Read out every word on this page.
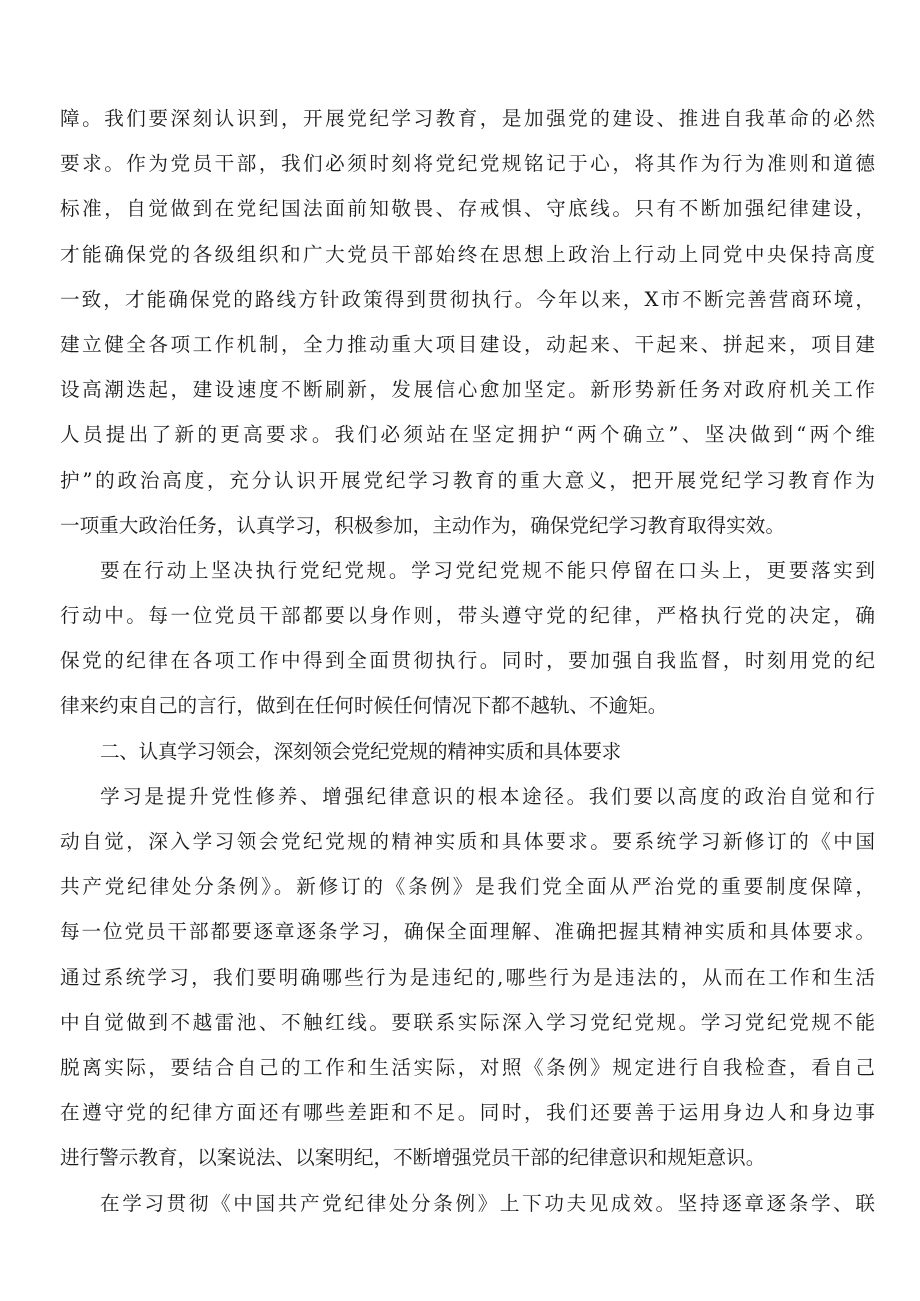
障。我们要深刻认识到，开展党纪学习教育，是加强党的建设、推进自我革命的必然
要求。作为党员干部，我们必须时刻将党纪党规铭记于心，将其作为行为准则和道德
标准，自觉做到在党纪国法面前知敬畏、存戒惧、守底线。只有不断加强纪律建设，
才能确保党的各级组织和广大党员干部始终在思想上政治上行动上同党中央保持高度
一致，才能确保党的路线方针政策得到贯彻执行。今年以来，X市不断完善营商环境，
建立健全各项工作机制，全力推动重大项目建设，动起来、干起来、拼起来，项目建
设高潮迭起，建设速度不断刷新，发展信心愈加坚定。新形势新任务对政府机关工作
人员提出了新的更高要求。我们必须站在坚定拥护“两个确立”、坚决做到“两个维
护”的政治高度，充分认识开展党纪学习教育的重大意义，把开展党纪学习教育作为
一项重大政治任务，认真学习，积极参加，主动作为，确保党纪学习教育取得实效。
要在行动上坚决执行党纪党规。学习党纪党规不能只停留在口头上，更要落实到
行动中。每一位党员干部都要以身作则，带头遵守党的纪律，严格执行党的决定，确
保党的纪律在各项工作中得到全面贯彻执行。同时，要加强自我监督，时刻用党的纪
律来约束自己的言行，做到在任何时候任何情况下都不越轨、不逾矩。
二、认真学习领会，深刻领会党纪党规的精神实质和具体要求
学习是提升党性修养、增强纪律意识的根本途径。我们要以高度的政治自觉和行
动自觉，深入学习领会党纪党规的精神实质和具体要求。要系统学习新修订的《中国
共产党纪律处分条例》。新修订的《条例》是我们党全面从严治党的重要制度保障，
每一位党员干部都要逐章逐条学习，确保全面理解、准确把握其精神实质和具体要求。
通过系统学习，我们要明确哪些行为是违纪的,哪些行为是违法的，从而在工作和生活
中自觉做到不越雷池、不触红线。要联系实际深入学习党纪党规。学习党纪党规不能
脱离实际，要结合自己的工作和生活实际，对照《条例》规定进行自我检查，看自己
在遵守党的纪律方面还有哪些差距和不足。同时，我们还要善于运用身边人和身边事
进行警示教育，以案说法、以案明纪，不断增强党员干部的纪律意识和规矩意识。
在学习贯彻《中国共产党纪律处分条例》上下功夫见成效。坚持逐章逐条学、联
